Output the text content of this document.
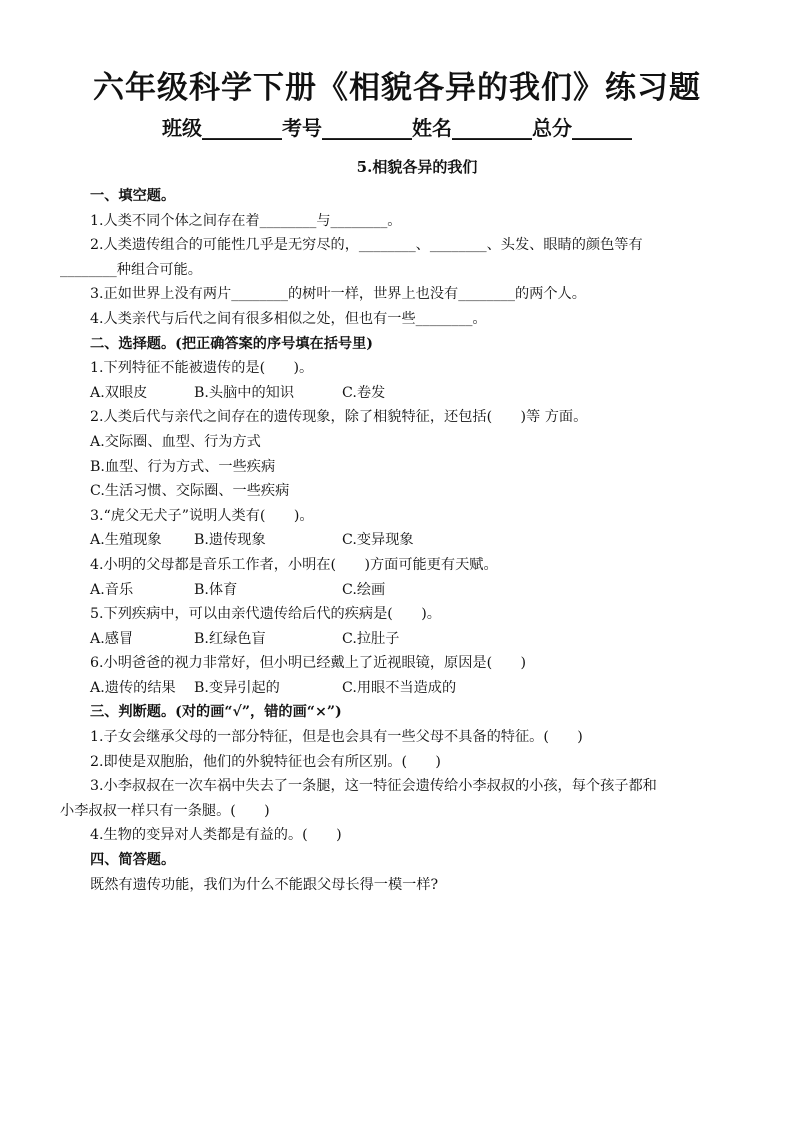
六年级科学下册《相貌各异的我们》练习题
班级________考号_________姓名________总分______
5.相貌各异的我们
一、填空题。
1.人类不同个体之间存在着________与________。
2.人类遗传组合的可能性几乎是无穷尽的，________、________、头发、眼睛的颜色等有
________种组合可能。
3.正如世界上没有两片________的树叶一样，世界上也没有________的两个人。
4.人类亲代与后代之间有很多相似之处，但也有一些________。
二、选择题。(把正确答案的序号填在括号里)
1.下列特征不能被遗传的是(　　)。
A.双眼皮	B.头脑中的知识	C.卷发
2.人类后代与亲代之间存在的遗传现象，除了相貌特征，还包括(　　)等 方面。
A.交际圈、血型、行为方式
B.血型、行为方式、一些疾病
C.生活习惯、交际圈、一些疾病
3.“虎父无犬子”说明人类有(　　)。
A.生殖现象 B.遗传现象	C.变异现象
4.小明的父母都是音乐工作者，小明在(　　)方面可能更有天赋。
A.音乐	B.体育	C.绘画
5.下列疾病中，可以由亲代遗传给后代的疾病是(　　)。
A.感冒	B.红绿色盲	C.拉肚子
6.小明爸爸的视力非常好，但小明已经戴上了近视眼镜，原因是(　　)
A.遗传的结果 B.变异引起的	C.用眼不当造成的
三、判断题。(对的画“√”，错的画“×”)
1.子女会继承父母的一部分特征，但是也会具有一些父母不具备的特征。(　　)
2.即使是双胞胎，他们的外貌特征也会有所区别。(　　)
3.小李叔叔在一次车祸中失去了一条腿，这一特征会遗传给小李叔叔的小孩，每个孩子都和
小李叔叔一样只有一条腿。(　　)
4.生物的变异对人类都是有益的。(　　)
四、简答题。
既然有遗传功能，我们为什么不能跟父母长得一模一样?
